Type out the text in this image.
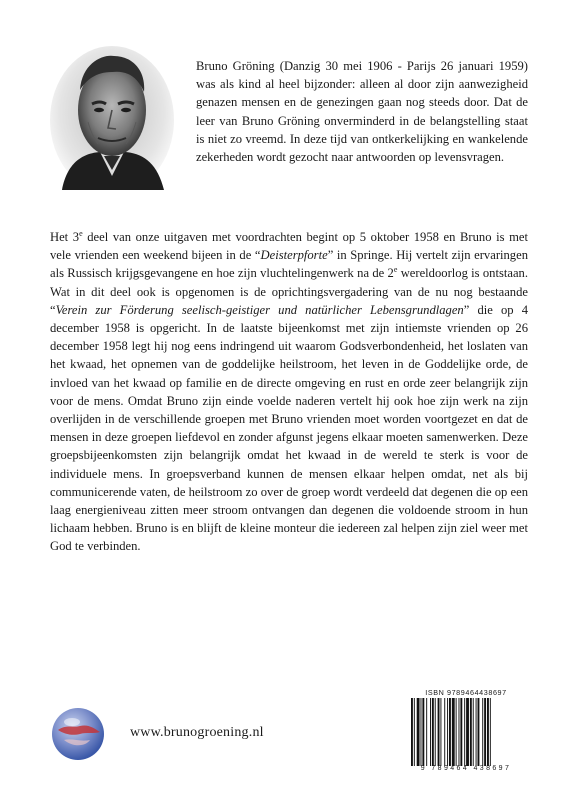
Bruno Gröning (Danzig 30 mei 1906 - Parijs 26 januari 1959) was als kind al heel bijzonder: alleen al door zijn aanwezigheid genazen mensen en de genezingen gaan nog steeds door. Dat de leer van Bruno Gröning onverminderd in de belangstelling staat is niet zo vreemd. In deze tijd van ontkerkelijking en wankelende zekerheden wordt gezocht naar antwoorden op levensvragen.

Het 3e deel van onze uitgaven met voordrachten begint op 5 oktober 1958 en Bruno is met vele vrienden een weekend bijeen in de “Deisterpforte” in Springe. Hij vertelt zijn ervaringen als Russisch krijgsgevangene en hoe zijn vluchtelingenwerk na de 2e wereldoorlog is ontstaan. Wat in dit deel ook is opgenomen is de oprichtingsvergadering van de nu nog bestaande “Verein zur Förderung seelisch-geistiger und natürlicher Lebensgrundlagen” die op 4 december 1958 is opgericht. In de laatste bijeenkomst met zijn intiemste vrienden op 26 december 1958 legt hij nog eens indringend uit waarom Godsverbondenheid, het loslaten van het kwaad, het opnemen van de goddelijke heilstroom, het leven in de Goddelijke orde, de invloed van het kwaad op familie en de directe omgeving en rust en orde zeer belangrijk zijn voor de mens. Omdat Bruno zijn einde voelde naderen vertelt hij ook hoe zijn werk na zijn overlijden in de verschillende groepen met Bruno vrienden moet worden voortgezet en dat de mensen in deze groepen liefdevol en zonder afgunst jegens elkaar moeten samenwerken. Deze groepsbijeenkomsten zijn belangrijk omdat het kwaad in de wereld te sterk is voor de individuele mens. In groepsverband kunnen de mensen elkaar helpen omdat, net als bij communicerende vaten, de heilstroom zo over de groep wordt verdeeld dat degenen die op een laag energieniveau zitten meer stroom ontvangen dan degenen die voldoende stroom in hun lichaam hebben. Bruno is en blijft de kleine monteur die iedereen zal helpen zijn ziel weer met God te verbinden.

www.brunogroening.nl
ISBN 9789464438697
9 789464 438697
